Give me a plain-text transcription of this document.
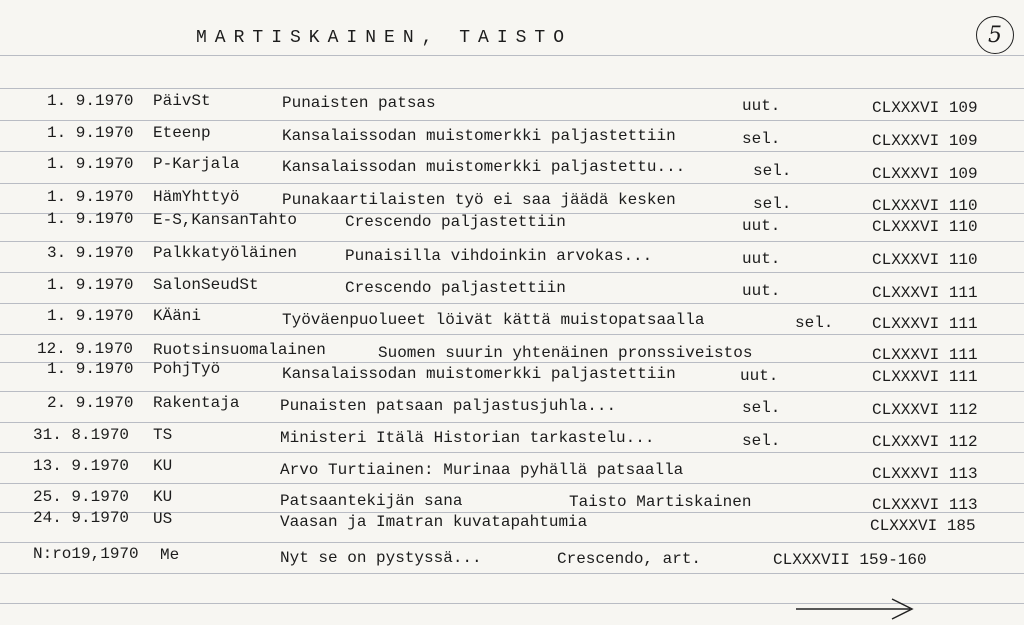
MARTISKAINEN, TAISTO	5
1. 9.1970 PäivSt	Punaisten patsas	uut.	CLXXXVI 109
1. 9.1970 Eteenp	Kansalaissodan muistomerkki paljastettiin	sel.	CLXXXVI 109
1. 9.1970 P-Karjala	Kansalaissodan muistomerkki paljastettu...	sel.	CLXXXVI 109
1. 9.1970 HämYhttyö	Punakaartilaisten työ ei saa jäädä kesken	sel.	CLXXXVI 110
1. 9.1970 E-S,KansanTahto	Crescendo paljastettiin	uut.	CLXXXVI 110
3. 9.1970 Palkkatyöläinen	Punaisilla vihdoinkin arvokas...	uut.	CLXXXVI 110
1. 9.1970 SalonSeudSt	Crescendo paljastettiin	uut.	CLXXXVI 111
1. 9.1970 KÄäni	Työväenpuolueet löivät kättä muistopatsaalla	sel. CLXXXVI 111
12. 9.1970 Ruotsinsuomalainen	Suomen suurin yhtenäinen pronssiveistos	CLXXXVI 111
1. 9.1970 PohjTyö	Kansalaissodan muistomerkki paljastettiin	uut.	CLXXXVI 111
2. 9.1970 Rakentaja	Punaisten patsaan paljastusjuhla...	sel.	CLXXXVI 112
31. 8.1970 TS	Ministeri Itälä Historian tarkastelu...	sel.	CLXXXVI 112
13. 9.1970 KU	Arvo Turtiainen: Murinaa pyhällä patsaalla	CLXXXVI 113
25. 9.1970 KU	Patsaantekijän sana	Taisto Martiskainen	CLXXXVI 113
24. 9.1970 US	Vaasan ja Imatran kuvatapahtumia	CLXXXVI 185
N:ro19,1970 Me	Nyt se on pystyssä...	Crescendo, art.	CLXXXVII 159-160
